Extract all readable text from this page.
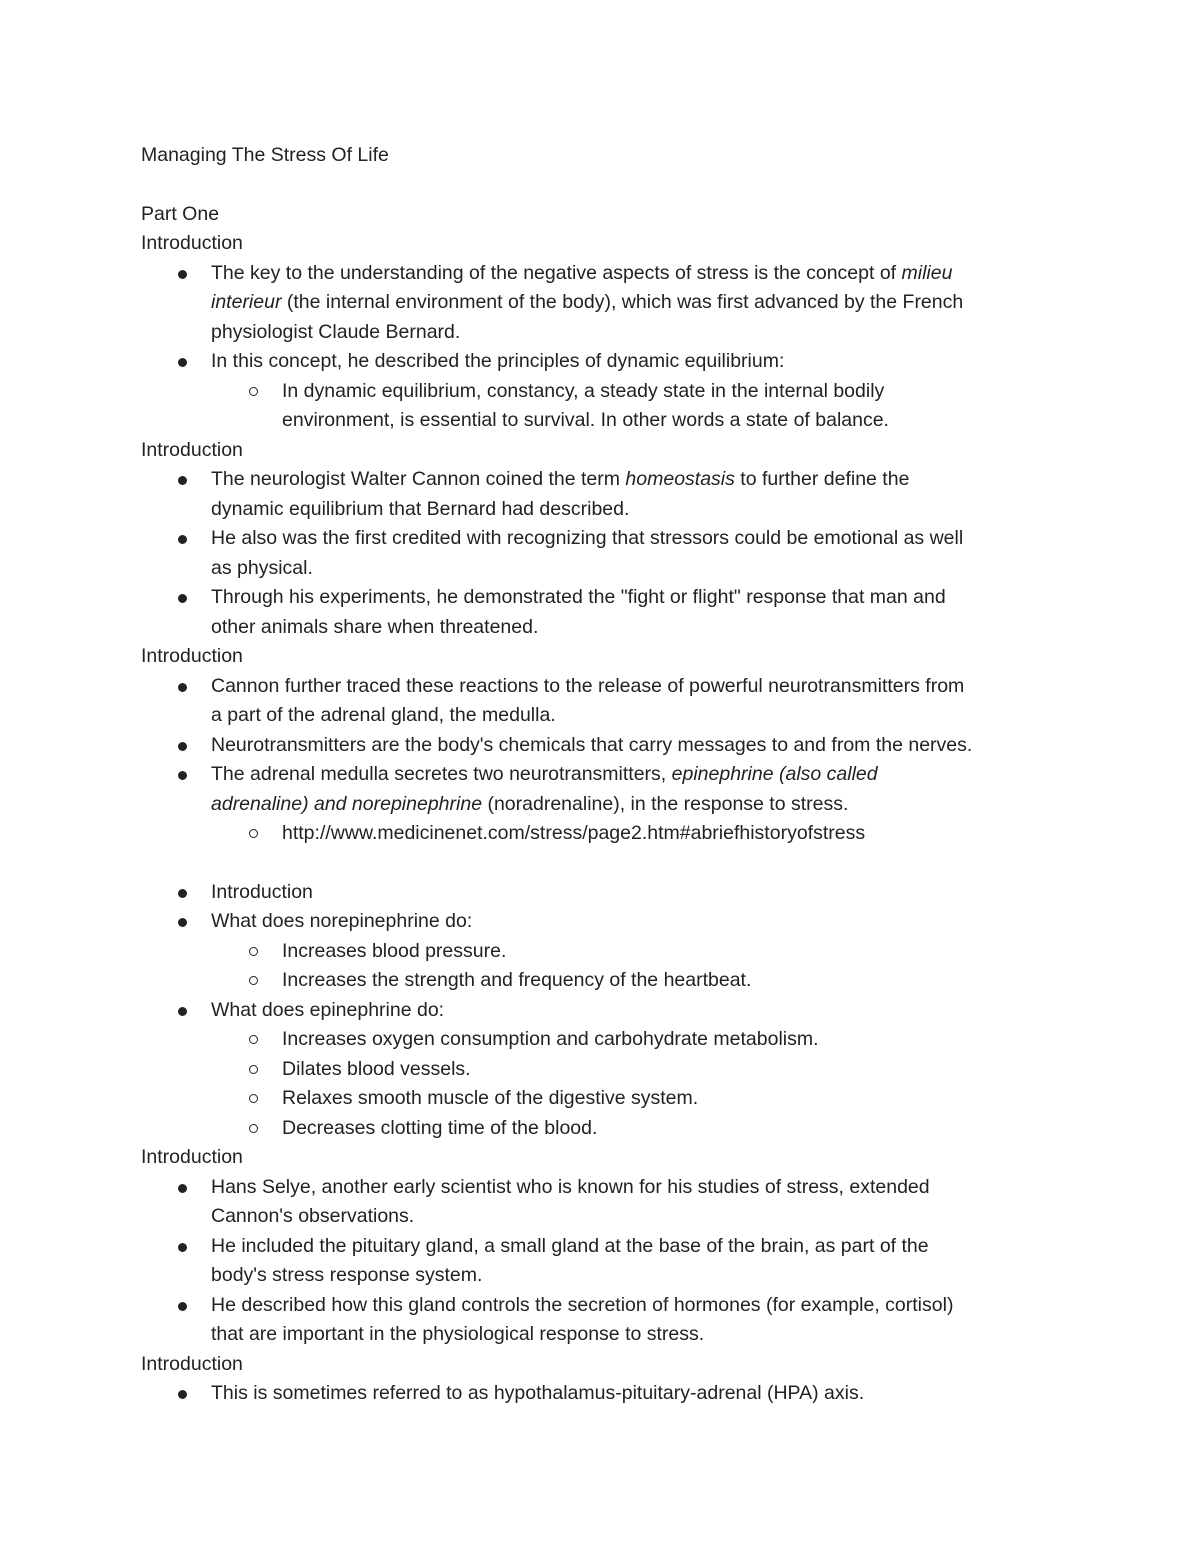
Managing The Stress Of Life
Part One
Introduction
The key to the understanding of the negative aspects of stress is the concept of milieu
interieur (the internal environment of the body), which was first advanced by the French
physiologist Claude Bernard.
In this concept, he described the principles of dynamic equilibrium:
In dynamic equilibrium, constancy, a steady state in the internal bodily
environment, is essential to survival. In other words a state of balance.
Introduction
The neurologist Walter Cannon coined the term homeostasis to further define the
dynamic equilibrium that Bernard had described.
He also was the first credited with recognizing that stressors could be emotional as well
as physical.
Through his experiments, he demonstrated the "fight or flight" response that man and
other animals share when threatened.
Introduction
Cannon further traced these reactions to the release of powerful neurotransmitters from
a part of the adrenal gland, the medulla.
Neurotransmitters are the body's chemicals that carry messages to and from the nerves.
The adrenal medulla secretes two neurotransmitters, epinephrine (also called
adrenaline) and norepinephrine (noradrenaline), in the response to stress.
http://www.medicinenet.com/stress/page2.htm#abriefhistoryofstress
Introduction
What does norepinephrine do:
Increases blood pressure.
Increases the strength and frequency of the heartbeat.
What does epinephrine do:
Increases oxygen consumption and carbohydrate metabolism.
Dilates blood vessels.
Relaxes smooth muscle of the digestive system.
Decreases clotting time of the blood.
Introduction
Hans Selye, another early scientist who is known for his studies of stress, extended
Cannon's observations.
He included the pituitary gland, a small gland at the base of the brain, as part of the
body's stress response system.
He described how this gland controls the secretion of hormones (for example, cortisol)
that are important in the physiological response to stress.
Introduction
This is sometimes referred to as hypothalamus-pituitary-adrenal (HPA) axis.
